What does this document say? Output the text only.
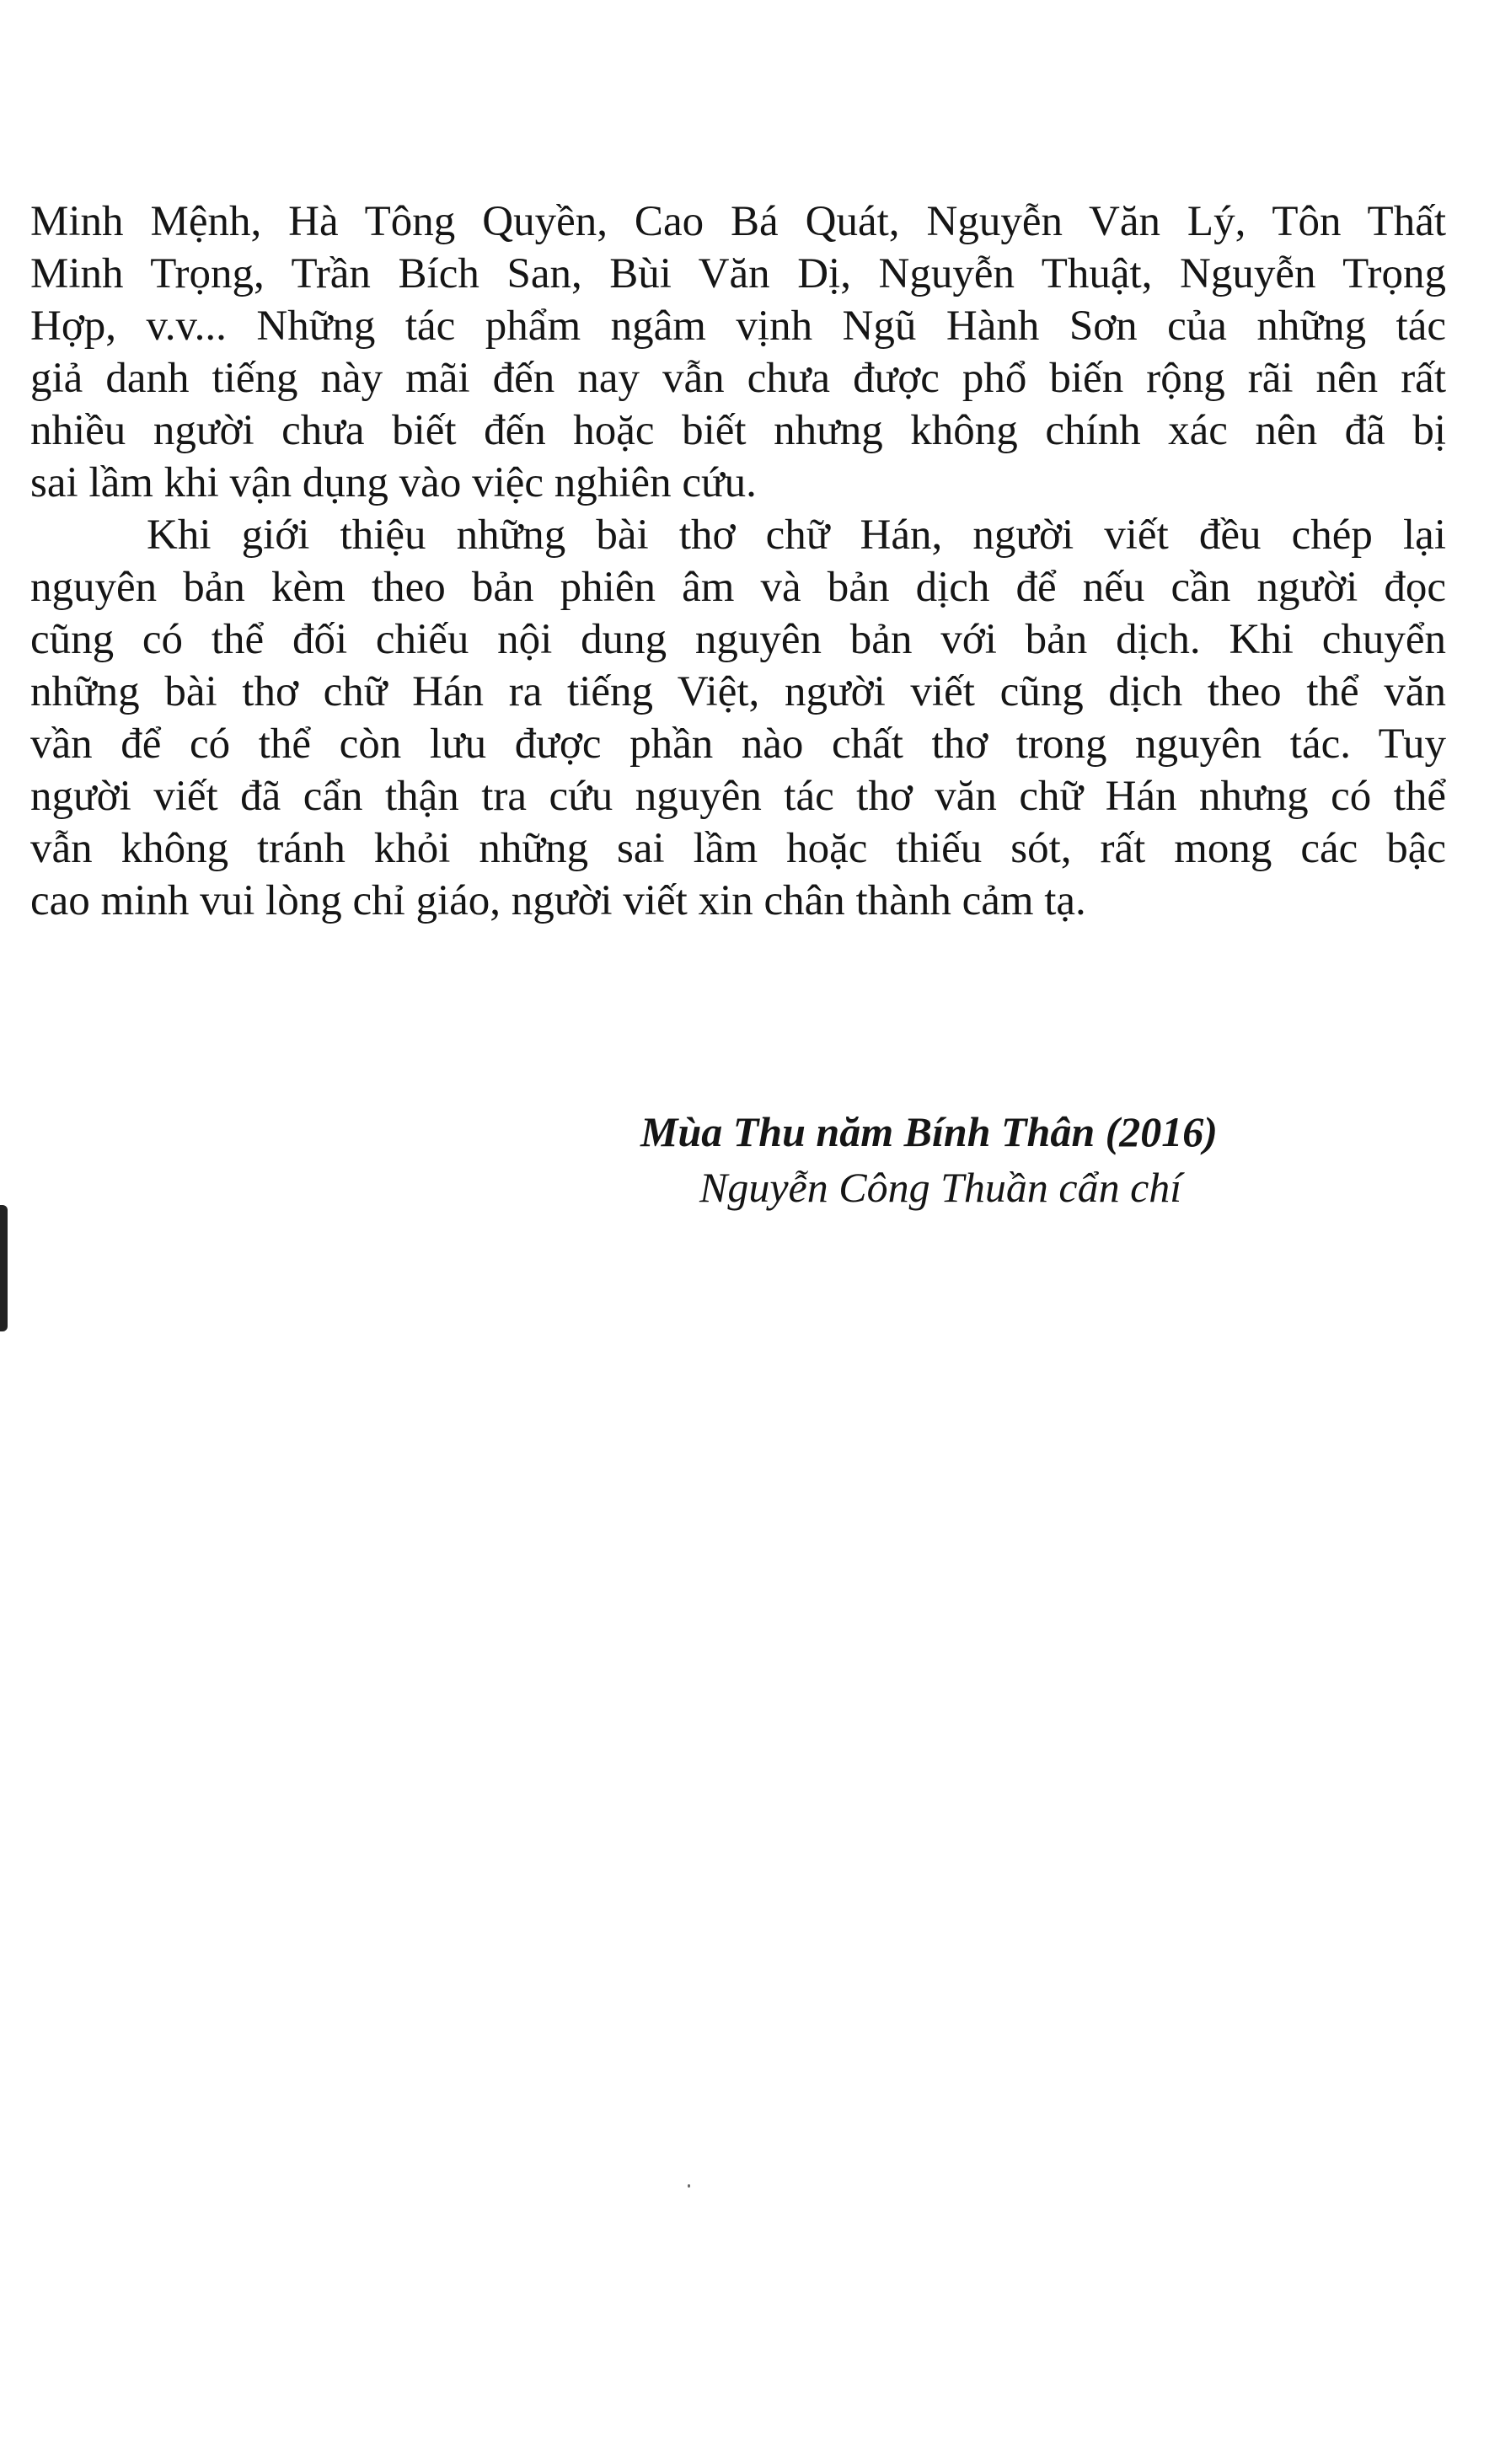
Minh Mệnh, Hà Tông Quyền, Cao Bá Quát, Nguyễn Văn Lý, Tôn Thất
Minh Trọng, Trần Bích San, Bùi Văn Dị, Nguyễn Thuật, Nguyễn Trọng
Hợp, v.v... Những tác phẩm ngâm vịnh Ngũ Hành Sơn của những tác
giả danh tiếng này mãi đến nay vẫn chưa được phổ biến rộng rãi nên rất
nhiều người chưa biết đến hoặc biết nhưng không chính xác nên đã bị
sai lầm khi vận dụng vào việc nghiên cứu.
Khi giới thiệu những bài thơ chữ Hán, người viết đều chép lại
nguyên bản kèm theo bản phiên âm và bản dịch để nếu cần người đọc
cũng có thể đối chiếu nội dung nguyên bản với bản dịch. Khi chuyển
những bài thơ chữ Hán ra tiếng Việt, người viết cũng dịch theo thể văn
vần để có thể còn lưu được phần nào chất thơ trong nguyên tác. Tuy
người viết đã cẩn thận tra cứu nguyên tác thơ văn chữ Hán nhưng có thể
vẫn không tránh khỏi những sai lầm hoặc thiếu sót, rất mong các bậc
cao minh vui lòng chỉ giáo, người viết xin chân thành cảm tạ.
Mùa Thu năm Bính Thân (2016)
Nguyễn Công Thuần cẩn chí
